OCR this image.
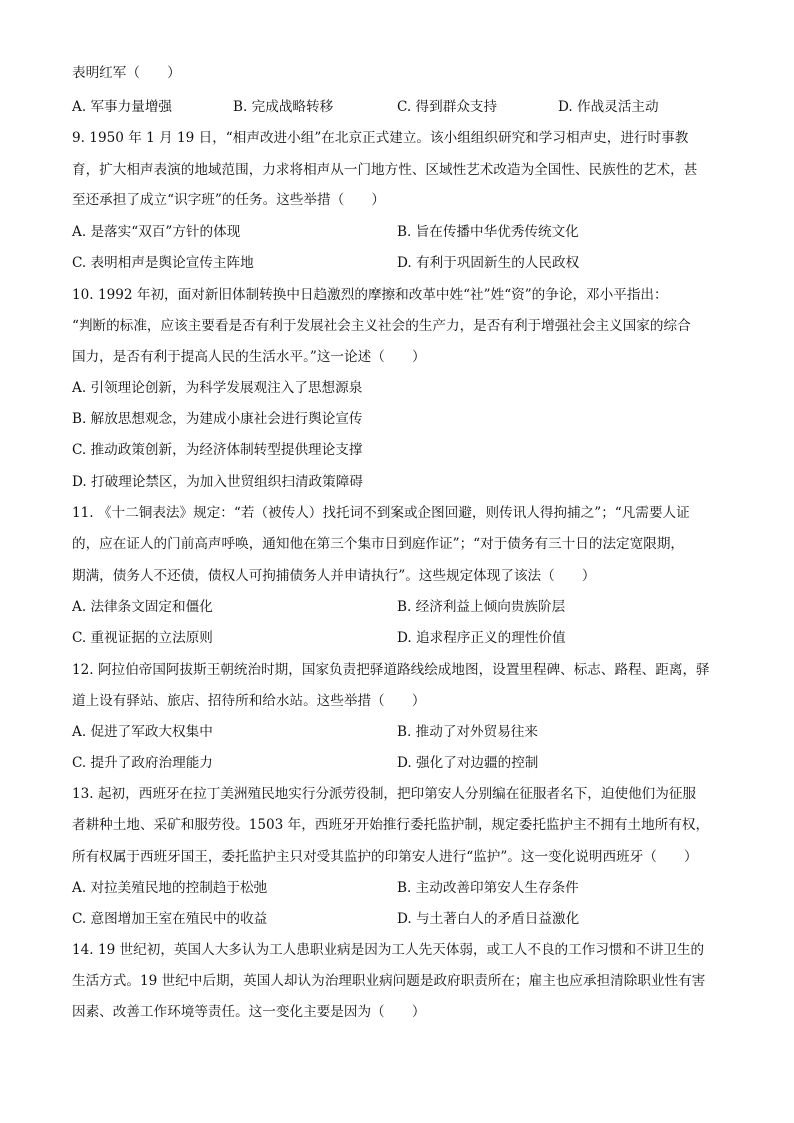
表明红军（　　）
A. 军事力量增强	B. 完成战略转移	C. 得到群众支持	D. 作战灵活主动
9. 1950 年 1 月 19 日，“相声改进小组”在北京正式建立。该小组组织研究和学习相声史，进行时事教
育，扩大相声表演的地域范围，力求将相声从一门地方性、区域性艺术改造为全国性、民族性的艺术，甚
至还承担了成立“识字班”的任务。这些举措（　　）
A. 是落实“双百”方针的体现	B. 旨在传播中华优秀传统文化
C. 表明相声是舆论宣传主阵地	D. 有利于巩固新生的人民政权
10. 1992 年初，面对新旧体制转换中日趋激烈的摩擦和改革中姓“社”姓“资”的争论，邓小平指出：
“判断的标准，应该主要看是否有利于发展社会主义社会的生产力，是否有利于增强社会主义国家的综合
国力，是否有利于提高人民的生活水平。”这一论述（　　）
A. 引领理论创新，为科学发展观注入了思想源泉
B. 解放思想观念，为建成小康社会进行舆论宣传
C. 推动政策创新，为经济体制转型提供理论支撑
D. 打破理论禁区，为加入世贸组织扫清政策障碍
11. 《十二铜表法》规定：“若（被传人）找托词不到案或企图回避，则传讯人得拘捕之”；“凡需要人证
的，应在证人的门前高声呼唤，通知他在第三个集市日到庭作证”；“对于债务有三十日的法定宽限期，
期满，债务人不还债，债权人可拘捕债务人并申请执行”。这些规定体现了该法（　　）
A. 法律条文固定和僵化	B. 经济利益上倾向贵族阶层
C. 重视证据的立法原则	D. 追求程序正义的理性价值
12. 阿拉伯帝国阿拔斯王朝统治时期，国家负责把驿道路线绘成地图，设置里程碑、标志、路程、距离，驿
道上设有驿站、旅店、招待所和给水站。这些举措（　　）
A. 促进了军政大权集中	B. 推动了对外贸易往来
C. 提升了政府治理能力	D. 强化了对边疆的控制
13. 起初，西班牙在拉丁美洲殖民地实行分派劳役制，把印第安人分别编在征服者名下，迫使他们为征服
者耕种土地、采矿和服劳役。1503 年，西班牙开始推行委托监护制，规定委托监护主不拥有土地所有权，
所有权属于西班牙国王，委托监护主只对受其监护的印第安人进行“监护”。这一变化说明西班牙（　　）
A. 对拉美殖民地的控制趋于松弛	B. 主动改善印第安人生存条件
C. 意图增加王室在殖民中的收益	D. 与土著白人的矛盾日益激化
14. 19 世纪初，英国人大多认为工人患职业病是因为工人先天体弱，或工人不良的工作习惯和不讲卫生的
生活方式。19 世纪中后期，英国人却认为治理职业病问题是政府职责所在；雇主也应承担清除职业性有害
因素、改善工作环境等责任。这一变化主要是因为（　　）
